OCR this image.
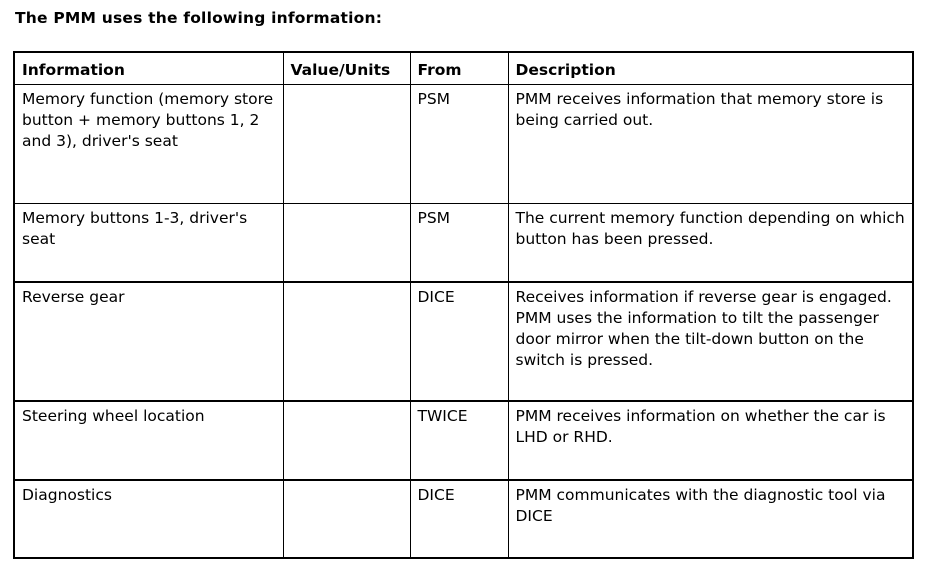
The PMM uses the following information:
Information	Value/Units	From	Description
Memory function (memory store button + memory buttons 1, 2 and 3), driver's seat		PSM	PMM receives information that memory store is being carried out.
Memory buttons 1-3, driver's seat		PSM	The current memory function depending on which button has been pressed.
Reverse gear		DICE	Receives information if reverse gear is engaged. PMM uses the information to tilt the passenger door mirror when the tilt-down button on the switch is pressed.
Steering wheel location		TWICE	PMM receives information on whether the car is LHD or RHD.
Diagnostics		DICE	PMM communicates with the diagnostic tool via DICE
